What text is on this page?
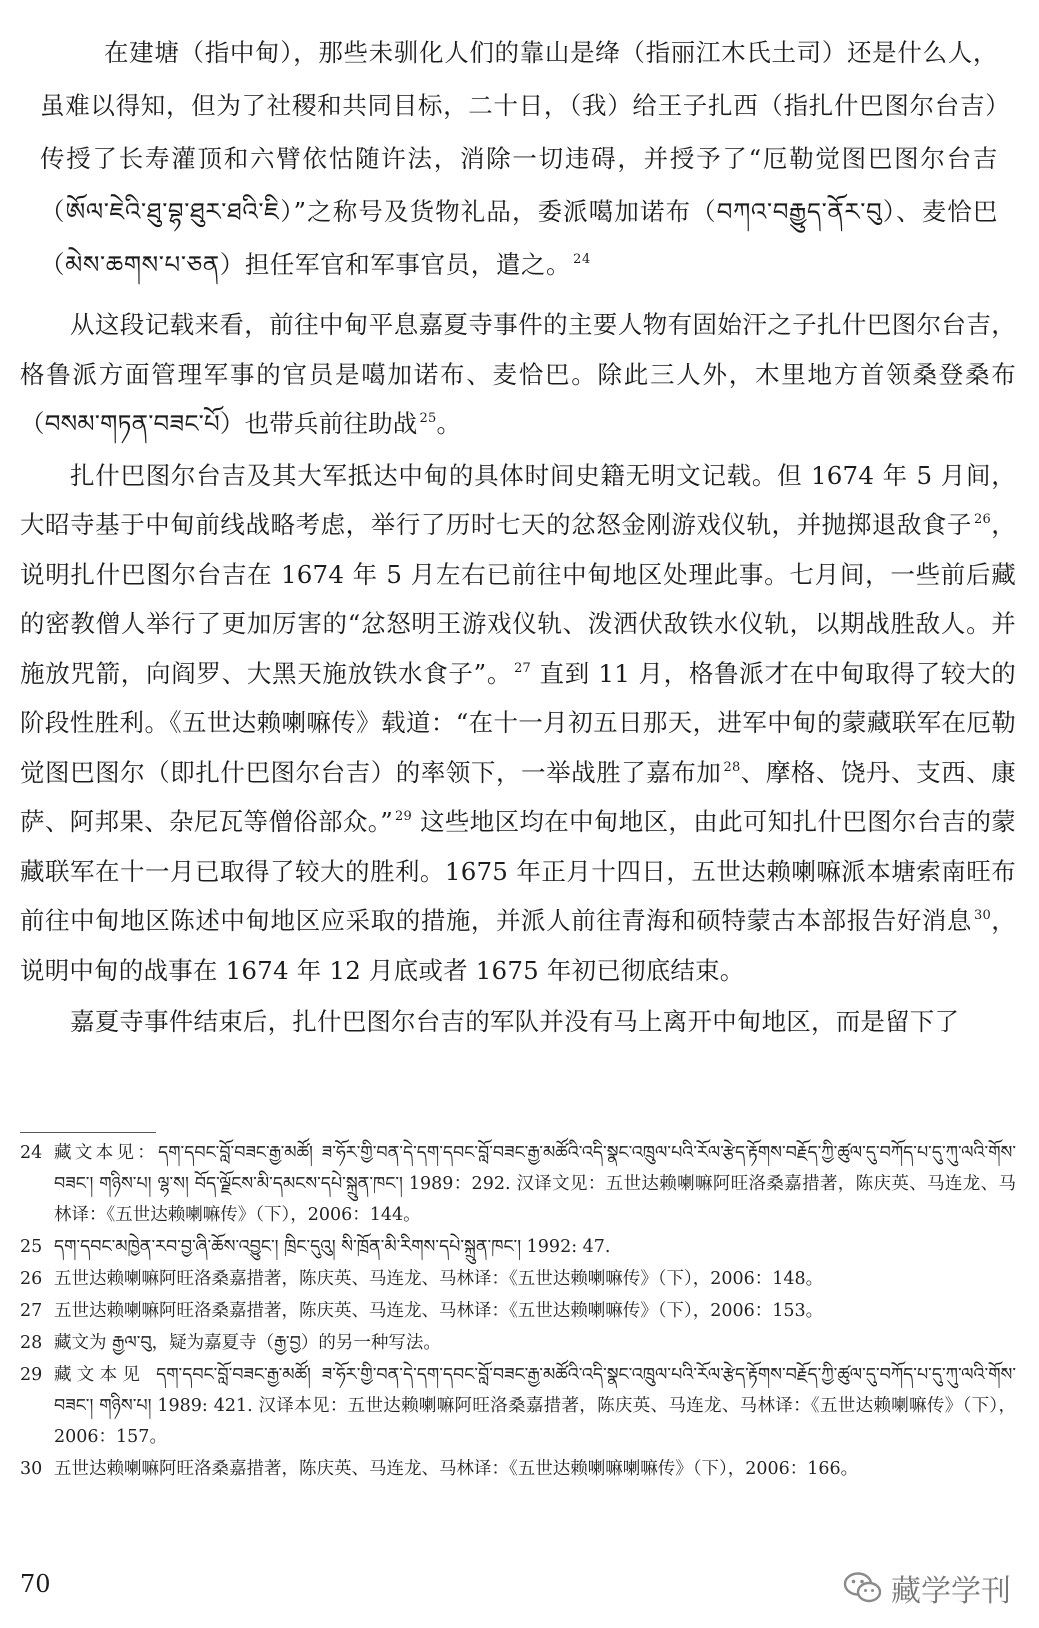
在建塘（指中甸），那些未驯化人们的靠山是绛（指丽江木氏土司）还是什么人，虽难以得知，但为了社稷和共同目标，二十日，（我）给王子扎西（指扎什巴图尔台吉）传授了长寿灌顶和六臂依怙随许法，消除一切违碍，并授予了“厄勒觉图巴图尔台吉（ཨོལ་ཇེའི་ཐུ་བྷ་ཐུར་ཐའི་ཇི）”之称号及货物礼品，委派噶加诺布（བཀའ་བརྒྱུད་ནོར་བུ）、麦恰巴（མེས་ཆགས་པ་ཅན）担任军官和军事官员，遣之。 $^{24}$

从这段记载来看，前往中甸平息嘉夏寺事件的主要人物有固始汗之子扎什巴图尔台吉，格鲁派方面管理军事的官员是噶加诺布、麦恰巴。除此三人外，木里地方首领桑登桑布（བསམ་གཏན་བཟང་པོ）也带兵前往助战 $^{25}$。

扎什巴图尔台吉及其大军抵达中甸的具体时间史籍无明文记载。但 1674 年 5 月间，大昭寺基于中甸前线战略考虑，举行了历时七天的忿怒金刚游戏仪轨，并抛掷退敌食子 $^{26}$，说明扎什巴图尔台吉在 1674 年 5 月左右已前往中甸地区处理此事。七月间，一些前后藏的密教僧人举行了更加厉害的“忿怒明王游戏仪轨、泼洒伏敌铁水仪轨，以期战胜敌人。并施放咒箭，向阎罗、大黑天施放铁水食子”。 $^{27}$ 直到 11 月，格鲁派才在中甸取得了较大的阶段性胜利。《五世达赖喇嘛传》载道：“在十一月初五日那天，进军中甸的蒙藏联军在厄勒觉图巴图尔（即扎什巴图尔台吉）的率领下，一举战胜了嘉布加 $^{28}$、摩格、饶丹、支西、康萨、阿邦果、杂尼瓦等僧俗部众。” $^{29}$ 这些地区均在中甸地区，由此可知扎什巴图尔台吉的蒙藏联军在十一月已取得了较大的胜利。1675 年正月十四日，五世达赖喇嘛派本塘索南旺布前往中甸地区陈述中甸地区应采取的措施，并派人前往青海和硕特蒙古本部报告好消息 $^{30}$，说明中甸的战事在 1674 年 12 月底或者 1675 年初已彻底结束。

嘉夏寺事件结束后，扎什巴图尔台吉的军队并没有马上离开中甸地区，而是留下了

24 藏文本见：དག་དབང་བློ་བཟང་རྒྱ་མཚོ། ཟ་ཧོར་གྱི་བན་དེ་དག་དབང་བློ་བཟང་རྒྱ་མཚོའི་འདི་སྣང་འཁྲུལ་པའི་རོལ་རྩེད་རྟོགས་བརྗོད་ཀྱི་ཚུལ་དུ་བཀོད་པ་དུ་ཀུ་ལའི་གོས་བཟང་། གཉིས་པ། ལྷ་ས། བོད་ལྗོངས་མི་དམངས་དཔེ་སྐྲུན་ཁང་། 1989：292. 汉译文见：五世达赖喇嘛阿旺洛桑嘉措著，陈庆英、马连龙、马林译：《五世达赖喇嘛传》（下），2006：144。
25 དག་དབང་མཁྱེན་རབ་བྱ་ཞི་ཆོས་འབྱུང་། ཁྲིང་དུའུ། སི་ཁྲོན་མི་རིགས་དཔེ་སྐྲུན་ཁང་། 1992: 47.
26 五世达赖喇嘛阿旺洛桑嘉措著，陈庆英、马连龙、马林译：《五世达赖喇嘛传》（下），2006：148。
27 五世达赖喇嘛阿旺洛桑嘉措著，陈庆英、马连龙、马林译：《五世达赖喇嘛传》（下），2006：153。
28 藏文为 རྒྱལ་བུ，疑为嘉夏寺（རྒྱ་བྱ）的另一种写法。
29 藏文本见 དག་དབང་བློ་བཟང་རྒྱ་མཚོ། ཟ་ཧོར་གྱི་བན་དེ་དག་དབང་བློ་བཟང་རྒྱ་མཚོའི་འདི་སྣང་འཁྲུལ་པའི་རོལ་རྩེད་རྟོགས་བརྗོད་ཀྱི་ཚུལ་དུ་བཀོད་པ་དུ་ཀུ་ལའི་གོས་བཟང་། གཉིས་པ། 1989: 421. 汉译本见：五世达赖喇嘛阿旺洛桑嘉措著，陈庆英、马连龙、马林译：《五世达赖喇嘛传》（下），2006：157。
30 五世达赖喇嘛阿旺洛桑嘉措著，陈庆英、马连龙、马林译：《五世达赖喇嘛喇嘛传》（下），2006：166。
70	藏学学刊
